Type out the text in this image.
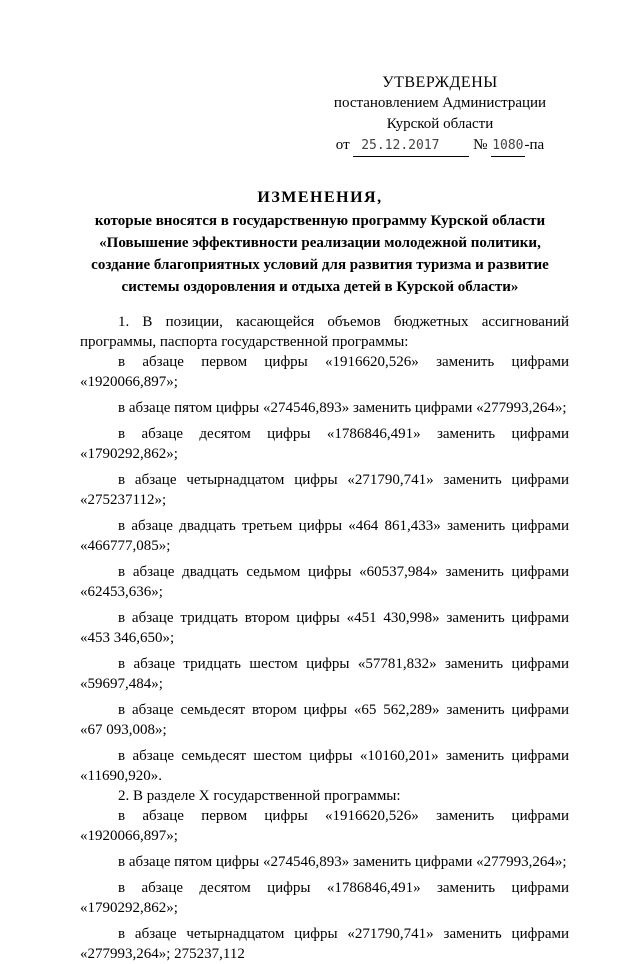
УТВЕРЖДЕНЫ
постановлением Администрации
Курской области
от 25.12.2017 № 1080-па
ИЗМЕНЕНИЯ,
которые вносятся в государственную программу Курской области
«Повышение эффективности реализации молодежной политики,
создание благоприятных условий для развития туризма и развитие
системы оздоровления и отдыха детей в Курской области»

1. В позиции, касающейся объемов бюджетных ассигнований программы, паспорта государственной программы:

в абзаце первом цифры «1916620,526» заменить цифрами «1920066,897»;

в абзаце пятом цифры «274546,893» заменить цифрами «277993,264»;

в абзаце десятом цифры «1786846,491» заменить цифрами «1790292,862»;

в абзаце четырнадцатом цифры «271790,741» заменить цифрами «275237112»;

в абзаце двадцать третьем цифры «464 861,433» заменить цифрами «466777,085»;

в абзаце двадцать седьмом цифры «60537,984» заменить цифрами «62453,636»;

в абзаце тридцать втором цифры «451 430,998» заменить цифрами «453 346,650»;

в абзаце тридцать шестом цифры «57781,832» заменить цифрами «59697,484»;

в абзаце семьдесят втором цифры «65 562,289» заменить цифрами «67 093,008»;

в абзаце семьдесят шестом цифры «10160,201» заменить цифрами «11690,920».

2. В разделе X государственной программы:

в абзаце первом цифры «1916620,526» заменить цифрами «1920066,897»;

в абзаце пятом цифры «274546,893» заменить цифрами «277993,264»;

в абзаце десятом цифры «1786846,491» заменить цифрами «1790292,862»;

в абзаце четырнадцатом цифры «271790,741» заменить цифрами «277993,264»; 275237,112
